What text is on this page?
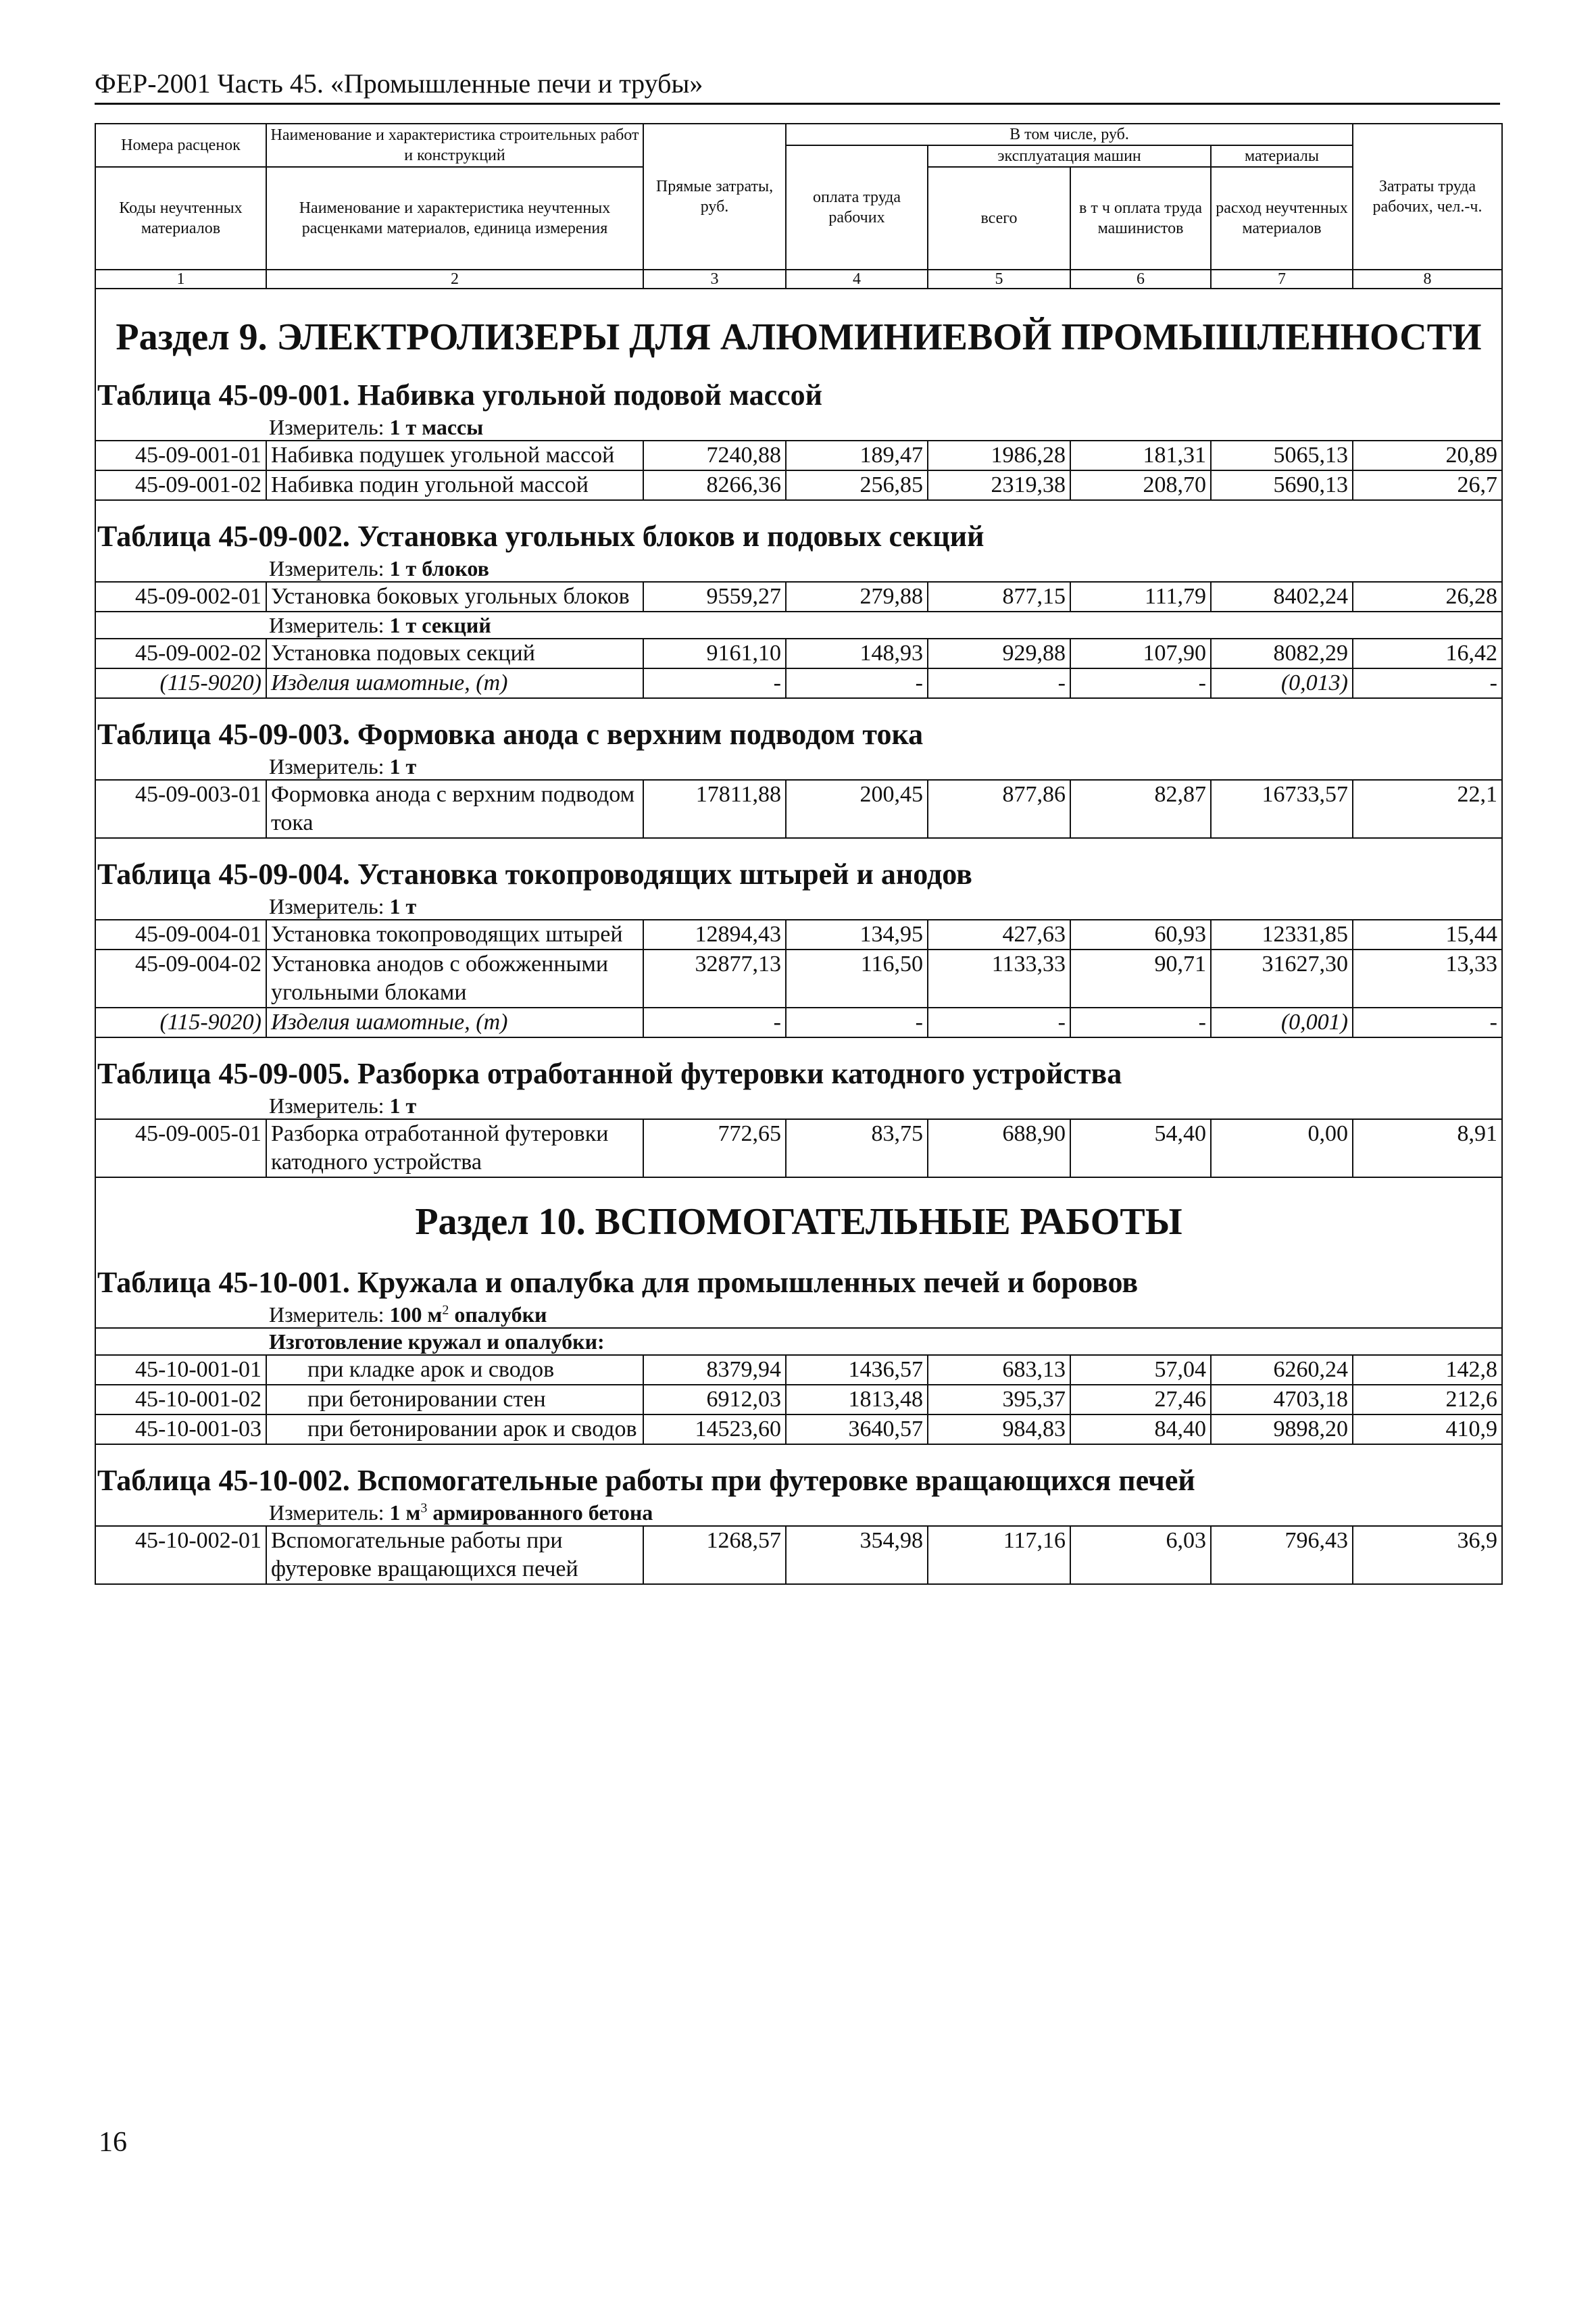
ФЕР-2001 Часть 45. «Промышленные печи и трубы»
Номера расценок	Наименование и характеристика строительных работ и конструкций	Прямые затраты, руб.	В том числе, руб.				Затраты труда рабочих, чел.-ч.
			оплата труда рабочих	эксплуатация машин		материалы	
Коды неучтенных материалов	Наименование и характеристика неучтенных расценками материалов, единица измерения			всего	в т ч оплата труда машинистов	расход неучтенных материалов	

1	2	3	4	5	6	7	8

Раздел 9. ЭЛЕКТРОЛИЗЕРЫ ДЛЯ АЛЮМИНИЕВОЙ ПРОМЫШЛЕННОСТИ							

Таблица 45-09-001. Набивка угольной подовой массой							
	Измеритель: 1 т массы						
45-09-001-01	Набивка подушек угольной массой	7240,88	189,47	1986,28	181,31	5065,13	20,89
45-09-001-02	Набивка подин угольной массой	8266,36	256,85	2319,38	208,70	5690,13	26,7

Таблица 45-09-002. Установка угольных блоков и подовых секций							
	Измеритель: 1 т блоков						
45-09-002-01	Установка боковых угольных блоков	9559,27	279,88	877,15	111,79	8402,24	26,28
	Измеритель: 1 т секций						
45-09-002-02	Установка подовых секций	9161,10	148,93	929,88	107,90	8082,29	16,42
(115-9020)	Изделия шамотные, (т)	-	-	-	-	(0,013)	-

Таблица 45-09-003. Формовка анода с верхним подводом тока							
	Измеритель: 1 т						
45-09-003-01	Формовка анода с верхним подводом тока	17811,88	200,45	877,86	82,87	16733,57	22,1

Таблица 45-09-004. Установка токопроводящих штырей и анодов							
	Измеритель: 1 т						
45-09-004-01	Установка токопроводящих штырей	12894,43	134,95	427,63	60,93	12331,85	15,44
45-09-004-02	Установка анодов с обожженными угольными блоками	32877,13	116,50	1133,33	90,71	31627,30	13,33
(115-9020)	Изделия шамотные, (т)	-	-	-	-	(0,001)	-

Таблица 45-09-005. Разборка отработанной футеровки катодного устройства							
	Измеритель: 1 т						
45-09-005-01	Разборка отработанной футеровки катодного устройства	772,65	83,75	688,90	54,40	0,00	8,91

Раздел 10. ВСПОМОГАТЕЛЬНЫЕ РАБОТЫ							

Таблица 45-10-001. Кружала и опалубка для промышленных печей и боровов							
	Измеритель: 100 $м^2$ опалубки						
	Изготовление кружал и опалубки:						
45-10-001-01	при кладке арок и сводов	8379,94	1436,57	683,13	57,04	6260,24	142,8
45-10-001-02	при бетонировании стен	6912,03	1813,48	395,37	27,46	4703,18	212,6
45-10-001-03	при бетонировании арок и сводов	14523,60	3640,57	984,83	84,40	9898,20	410,9

Таблица 45-10-002. Вспомогательные работы при футеровке вращающихся печей							
	Измеритель: 1 $м^3$ армированного бетона						
45-10-002-01	Вспомогательные работы при футеровке вращающихся печей	1268,57	354,98	117,16	6,03	796,43	36,9

16
